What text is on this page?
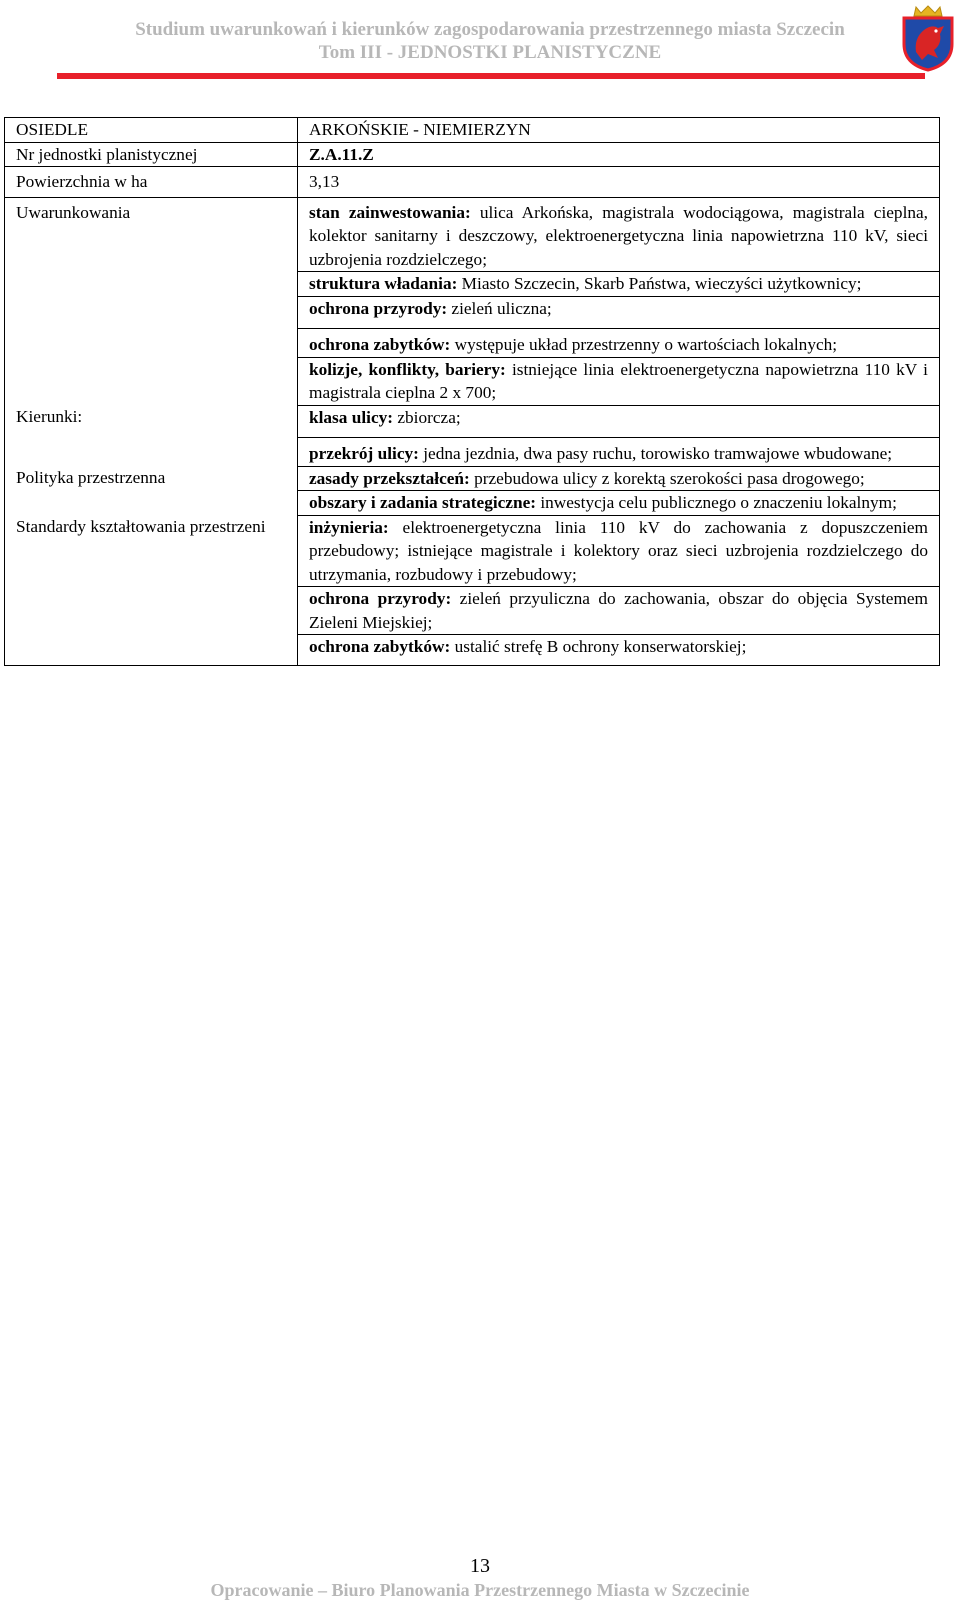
Studium uwarunkowań i kierunków zagospodarowania przestrzennego miasta Szczecin
Tom III - JEDNOSTKI PLANISTYCZNE
OSIEDLE	ARKOŃSKIE - NIEMIERZYN
Nr jednostki planistycznej	Z.A.11.Z
Powierzchnia w ha	3,13
Uwarunkowania	stan zainwestowania: ulica Arkońska, magistrala wodociągowa, magistrala cieplna, kolektor sanitarny i deszczowy, elektroenergetyczna linia napowietrzna 110 kV, sieci uzbrojenia rozdzielczego;
	struktura władania: Miasto Szczecin, Skarb Państwa, wieczyści użytkownicy;
	ochrona przyrody: zieleń uliczna;
	ochrona zabytków: występuje układ przestrzenny o wartościach lokalnych;
	kolizje, konflikty, bariery: istniejące linia elektroenergetyczna napowietrzna 110 kV i magistrala cieplna 2 x 700;
Kierunki:	klasa ulicy: zbiorcza;
	przekrój ulicy: jedna jezdnia, dwa pasy ruchu, torowisko tramwajowe wbudowane;
Polityka przestrzenna	zasady przekształceń: przebudowa ulicy z korektą szerokości pasa drogowego;
	obszary i zadania strategiczne: inwestycja celu publicznego o znaczeniu lokalnym;
Standardy kształtowania przestrzeni	inżynieria: elektroenergetyczna linia 110 kV do zachowania z dopuszczeniem przebudowy; istniejące magistrale i kolektory oraz sieci uzbrojenia rozdzielczego do utrzymania, rozbudowy i przebudowy;
	ochrona przyrody: zieleń przyuliczna do zachowania, obszar do objęcia Systemem Zieleni Miejskiej;
	ochrona zabytków: ustalić strefę B ochrony konserwatorskiej;
13
Opracowanie – Biuro Planowania Przestrzennego Miasta w Szczecinie
